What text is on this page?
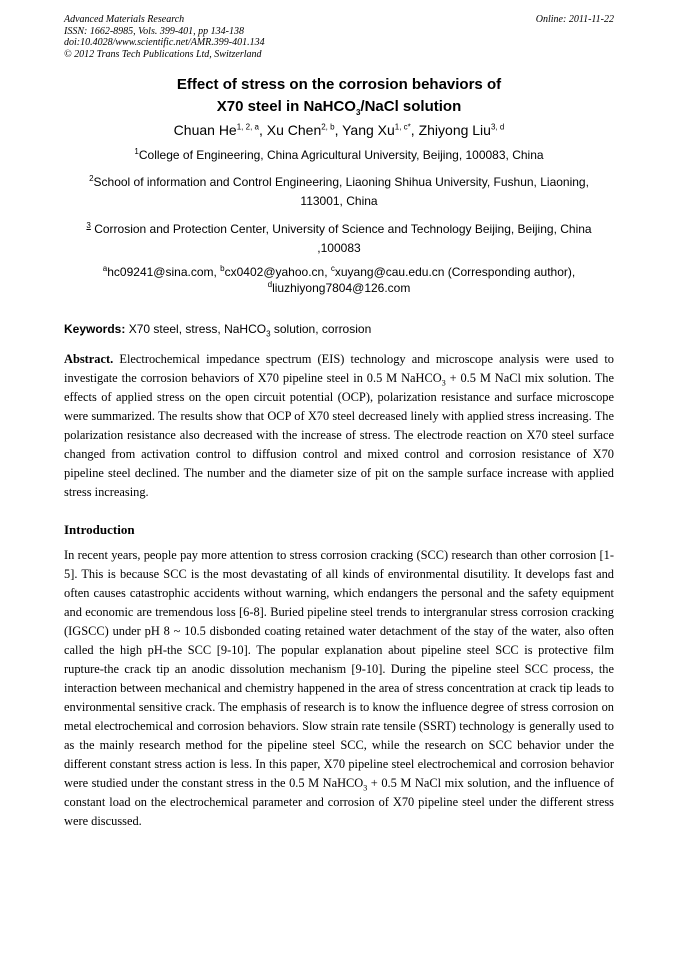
Advanced Materials Research
ISSN: 1662-8985, Vols. 399-401, pp 134-138
doi:10.4028/www.scientific.net/AMR.399-401.134
© 2012 Trans Tech Publications Ltd, Switzerland
Online: 2011-11-22
Effect of stress on the corrosion behaviors of
X70 steel in NaHCO$_3$/NaCl solution
Chuan He$^{1, 2, a}$, Xu Chen$^{2, b}$, Yang $Xu^{1, c*}$, Zhiyong Liu$^{3, d}$
$^1$College of Engineering, China Agricultural University, Beijing, 100083, China
$^2$School of information and Control Engineering, Liaoning Shihua University, Fushun, Liaoning,
113001, China
$^3$ Corrosion and Protection Center, University of Science and Technology Beijing, Beijing, China
,100083
$^a$hc09241@sina.com, $^b$cx0402@yahoo.cn, $^c$xuyang@cau.edu.cn (Corresponding author),
$^d$liuzhiyong7804@126.com
Keywords: X70 steel, stress, NaHCO$_3$ solution, corrosion
Abstract. Electrochemical impedance spectrum (EIS) technology and microscope analysis were used to investigate the corrosion behaviors of X70 pipeline steel in 0.5 M NaHCO$_3$ + 0.5 M NaCl mix solution. The effects of applied stress on the open circuit potential (OCP), polarization resistance and surface microscope were summarized. The results show that OCP of X70 steel decreased linely with applied stress increasing. The polarization resistance also decreased with the increase of stress. The electrode reaction on X70 steel surface changed from activation control to diffusion control and mixed control and corrosion resistance of X70 pipeline steel declined. The number and the diameter size of pit on the sample surface increase with applied stress increasing.
Introduction
In recent years, people pay more attention to stress corrosion cracking (SCC) research than other corrosion [1-5]. This is because SCC is the most devastating of all kinds of environmental disutility. It develops fast and often causes catastrophic accidents without warning, which endangers the personal and the safety equipment and economic are tremendous loss [6-8]. Buried pipeline steel trends to intergranular stress corrosion cracking (IGSCC) under pH 8 ~ 10.5 disbonded coating retained water detachment of the stay of the water, also often called the high pH-the SCC [9-10]. The popular explanation about pipeline steel SCC is protective film rupture-the crack tip an anodic dissolution mechanism [9-10]. During the pipeline steel SCC process, the interaction between mechanical and chemistry happened in the area of stress concentration at crack tip leads to environmental sensitive crack. The emphasis of research is to know the influence degree of stress corrosion on metal electrochemical and corrosion behaviors. Slow strain rate tensile (SSRT) technology is generally used to as the mainly research method for the pipeline steel SCC, while the research on SCC behavior under the different constant stress action is less. In this paper, X70 pipeline steel electrochemical and corrosion behavior were studied under the constant stress in the 0.5 M NaHCO$_3$ + 0.5 M NaCl mix solution, and the influence of constant load on the electrochemical parameter and corrosion of X70 pipeline steel under the different stress were discussed.
